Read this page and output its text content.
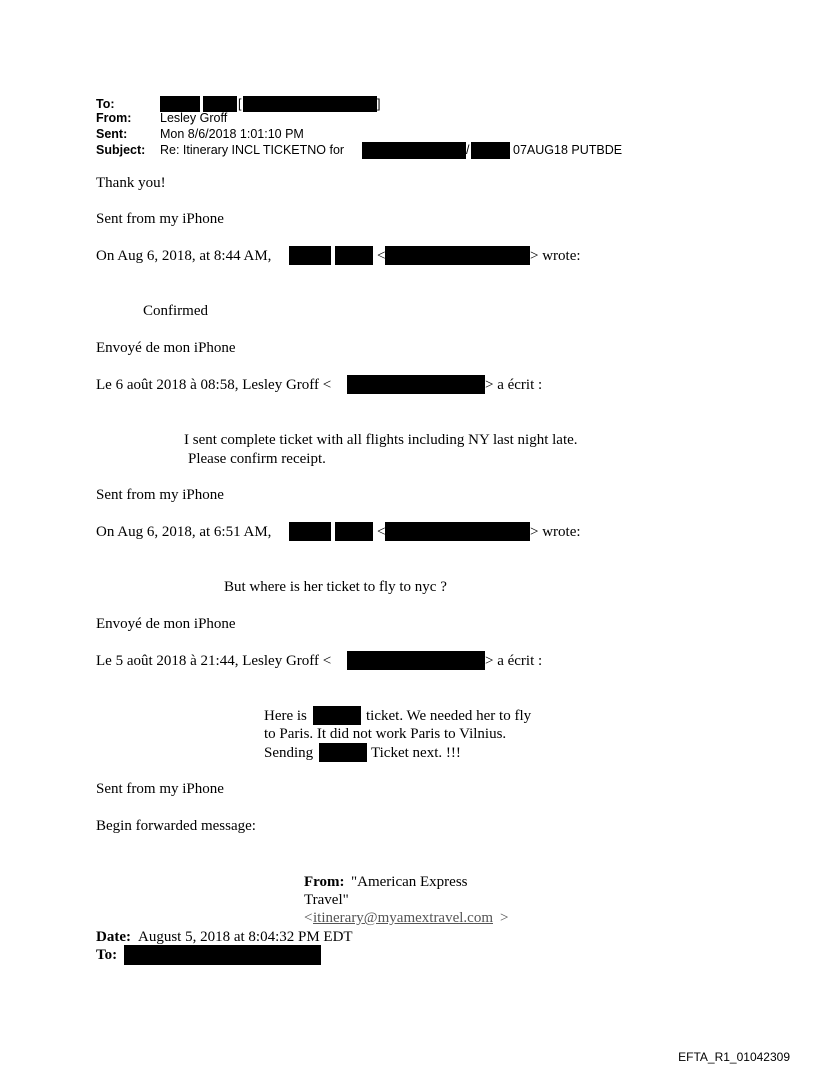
To:	[	]
From: Lesley Groff
Sent:	Mon 8/6/2018 1:01:10 PM
Subject: Re: Itinerary INCL TICKETNO for	/	07AUG18 PUTBDE
Thank you!
Sent from my iPhone
On Aug 6, 2018, at 8:44 AM,	<	> wrote:
Confirmed
Envoyé de mon iPhone
Le 6 août 2018 à 08:58, Lesley Groff <	> a écrit :
I sent complete ticket with all flights including NY last night late.
Please confirm receipt.
Sent from my iPhone
On Aug 6, 2018, at 6:51 AM,	<	> wrote:
But where is her ticket to fly to nyc ?
Envoyé de mon iPhone
Le 5 août 2018 à 21:44, Lesley Groff <	> a écrit :
Here is	ticket. We needed her to fly
to Paris. It did not work Paris to Vilnius.
Sending	Ticket next. !!!
Sent from my iPhone
Begin forwarded message:
From: "American Express
Travel"
< itinerary@myamextravel.com >
Date: August 5, 2018 at 8:04:32 PM EDT
To:
EFTA_R1_01042309
